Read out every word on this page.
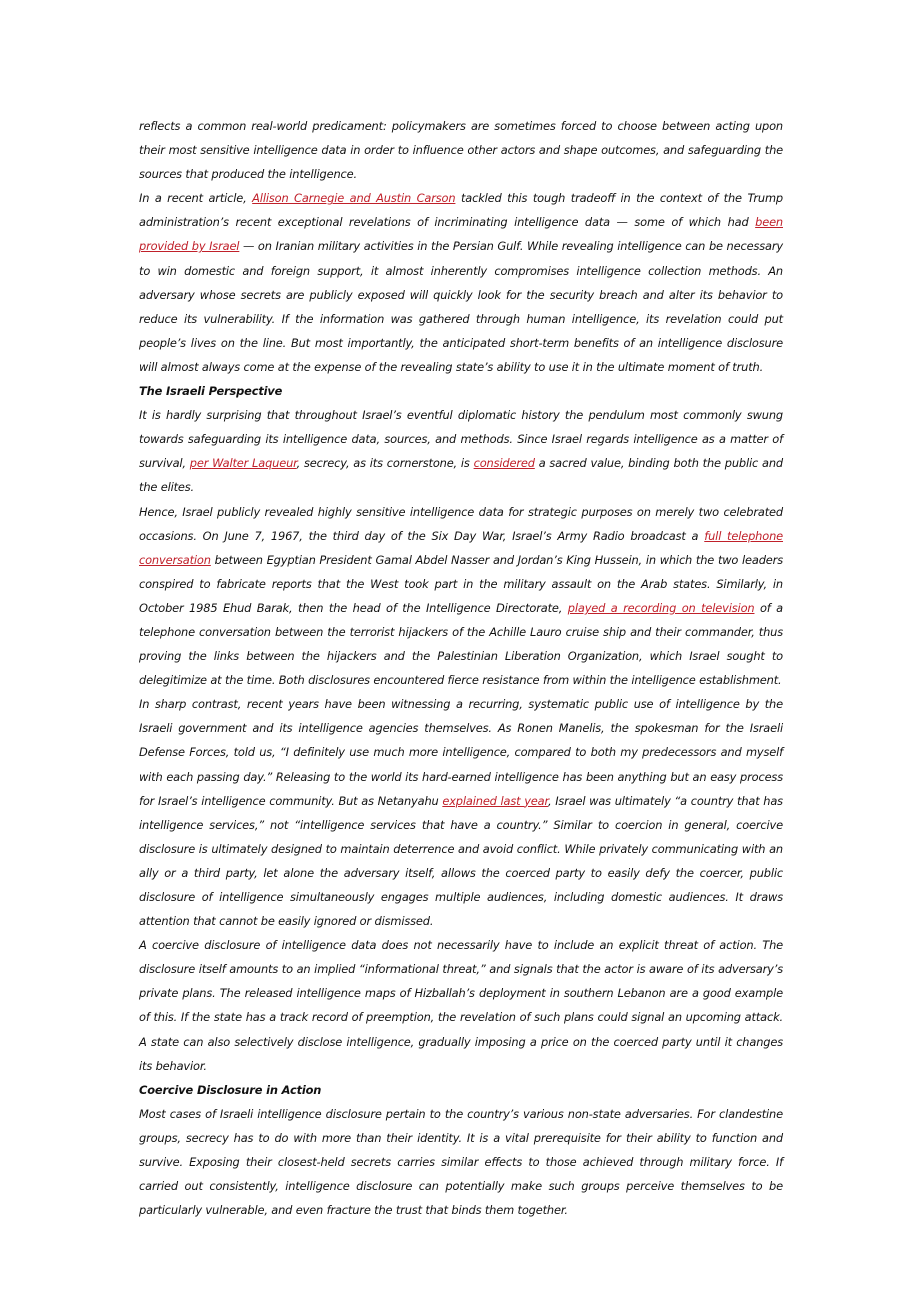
reflects a common real-world predicament: policymakers are sometimes forced to choose between acting upon their most sensitive intelligence data in order to influence other actors and shape outcomes, and safeguarding the sources that produced the intelligence.

In a recent article, Allison Carnegie and Austin Carson tackled this tough tradeoff in the context of the Trump administration’s recent exceptional revelations of incriminating intelligence data — some of which had been provided by Israel — on Iranian military activities in the Persian Gulf. While revealing intelligence can be necessary to win domestic and foreign support, it almost inherently compromises intelligence collection methods. An adversary whose secrets are publicly exposed will quickly look for the security breach and alter its behavior to reduce its vulnerability. If the information was gathered through human intelligence, its revelation could put people’s lives on the line. But most importantly, the anticipated short-term benefits of an intelligence disclosure will almost always come at the expense of the revealing state’s ability to use it in the ultimate moment of truth.

The Israeli Perspective

It is hardly surprising that throughout Israel’s eventful diplomatic history the pendulum most commonly swung towards safeguarding its intelligence data, sources, and methods. Since Israel regards intelligence as a matter of survival, per Walter Laqueur, secrecy, as its cornerstone, is considered a sacred value, binding both the public and the elites.

Hence, Israel publicly revealed highly sensitive intelligence data for strategic purposes on merely two celebrated occasions. On June 7, 1967, the third day of the Six Day War, Israel’s Army Radio broadcast a full telephone conversation between Egyptian President Gamal Abdel Nasser and Jordan’s King Hussein, in which the two leaders conspired to fabricate reports that the West took part in the military assault on the Arab states. Similarly, in October 1985 Ehud Barak, then the head of the Intelligence Directorate, played a recording on television of a telephone conversation between the terrorist hijackers of the Achille Lauro cruise ship and their commander, thus proving the links between the hijackers and the Palestinian Liberation Organization, which Israel sought to delegitimize at the time. Both disclosures encountered fierce resistance from within the intelligence establishment.

In sharp contrast, recent years have been witnessing a recurring, systematic public use of intelligence by the Israeli government and its intelligence agencies themselves. As Ronen Manelis, the spokesman for the Israeli Defense Forces, told us, “I definitely use much more intelligence, compared to both my predecessors and myself with each passing day.” Releasing to the world its hard-earned intelligence has been anything but an easy process for Israel’s intelligence community. But as Netanyahu explained last year, Israel was ultimately “a country that has intelligence services,” not “intelligence services that have a country.” Similar to coercion in general, coercive disclosure is ultimately designed to maintain deterrence and avoid conflict. While privately communicating with an ally or a third party, let alone the adversary itself, allows the coerced party to easily defy the coercer, public disclosure of intelligence simultaneously engages multiple audiences, including domestic audiences. It draws attention that cannot be easily ignored or dismissed.

A coercive disclosure of intelligence data does not necessarily have to include an explicit threat of action. The disclosure itself amounts to an implied “informational threat,” and signals that the actor is aware of its adversary’s private plans. The released intelligence maps of Hizballah’s deployment in southern Lebanon are a good example of this. If the state has a track record of preemption, the revelation of such plans could signal an upcoming attack. A state can also selectively disclose intelligence, gradually imposing a price on the coerced party until it changes its behavior.

Coercive Disclosure in Action

Most cases of Israeli intelligence disclosure pertain to the country’s various non-state adversaries. For clandestine groups, secrecy has to do with more than their identity. It is a vital prerequisite for their ability to function and survive. Exposing their closest-held secrets carries similar effects to those achieved through military force. If carried out consistently, intelligence disclosure can potentially make such groups perceive themselves to be particularly vulnerable, and even fracture the trust that binds them together.
